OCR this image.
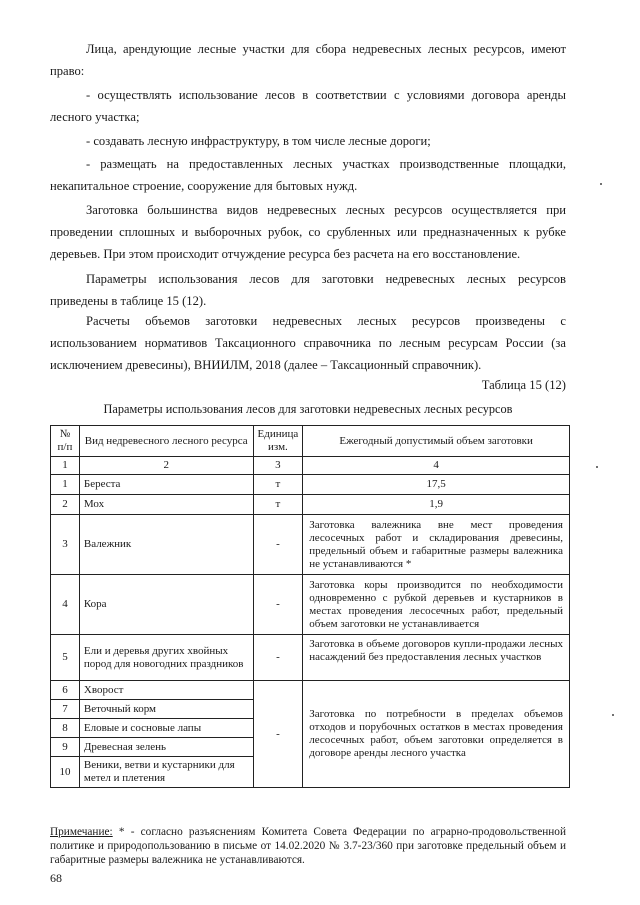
Лица, арендующие лесные участки для сбора недревесных лесных ресурсов, имеют право:

- осуществлять использование лесов в соответствии с условиями договора аренды лесного участка;

- создавать лесную инфраструктуру, в том числе лесные дороги;

- размещать на предоставленных лесных участках производственные площадки, некапитальное строение, сооружение для бытовых нужд.

Заготовка большинства видов недревесных лесных ресурсов осуществляется при проведении сплошных и выборочных рубок, со срубленных или предназначенных к рубке деревьев. При этом происходит отчуждение ресурса без расчета на его восстановление.

Параметры использования лесов для заготовки недревесных лесных ресурсов приведены в таблице 15 (12).

Расчеты объемов заготовки недревесных лесных ресурсов произведены с использованием нормативов Таксационного справочника по лесным ресурсам России (за исключением древесины), ВНИИЛМ, 2018 (далее – Таксационный справочник).

Таблица 15 (12)
Параметры использования лесов для заготовки недревесных лесных ресурсов
№ п/п	Вид недревесного лесного ресурса	Единица изм.	Ежегодный допустимый объем заготовки
1	2	3	4
1	Береста	т	17,5
2	Мох	т	1,9
3	Валежник	-	Заготовка валежника вне мест проведения лесосечных работ и складирования древесины, предельный объем и габаритные размеры валежника не устанавливаются *
4	Кора	-	Заготовка коры производится по необходимости одновременно с рубкой деревьев и кустарников в местах проведения лесосечных работ, предельный объем заготовки не устанавливается
5	Ели и деревья других хвойных пород для новогодних праздников	-	Заготовка в объеме договоров купли-продажи лесных насаждений без предоставления лесных участков
6	Хворост	-	Заготовка по потребности в пределах объемов отходов и порубочных остатков в местах проведения лесосечных работ, объем заготовки определяется в договоре аренды лесного участка
7	Веточный корм		
8	Еловые и сосновые лапы		
9	Древесная зелень		
10	Веники, ветви и кустарники для метел и плетения		

Примечание: * - согласно разъяснениям Комитета Совета Федерации по аграрно-продовольственной политике и природопользованию в письме от 14.02.2020 № 3.7-23/360 при заготовке предельный объем и габаритные размеры валежника не устанавливаются.

68
